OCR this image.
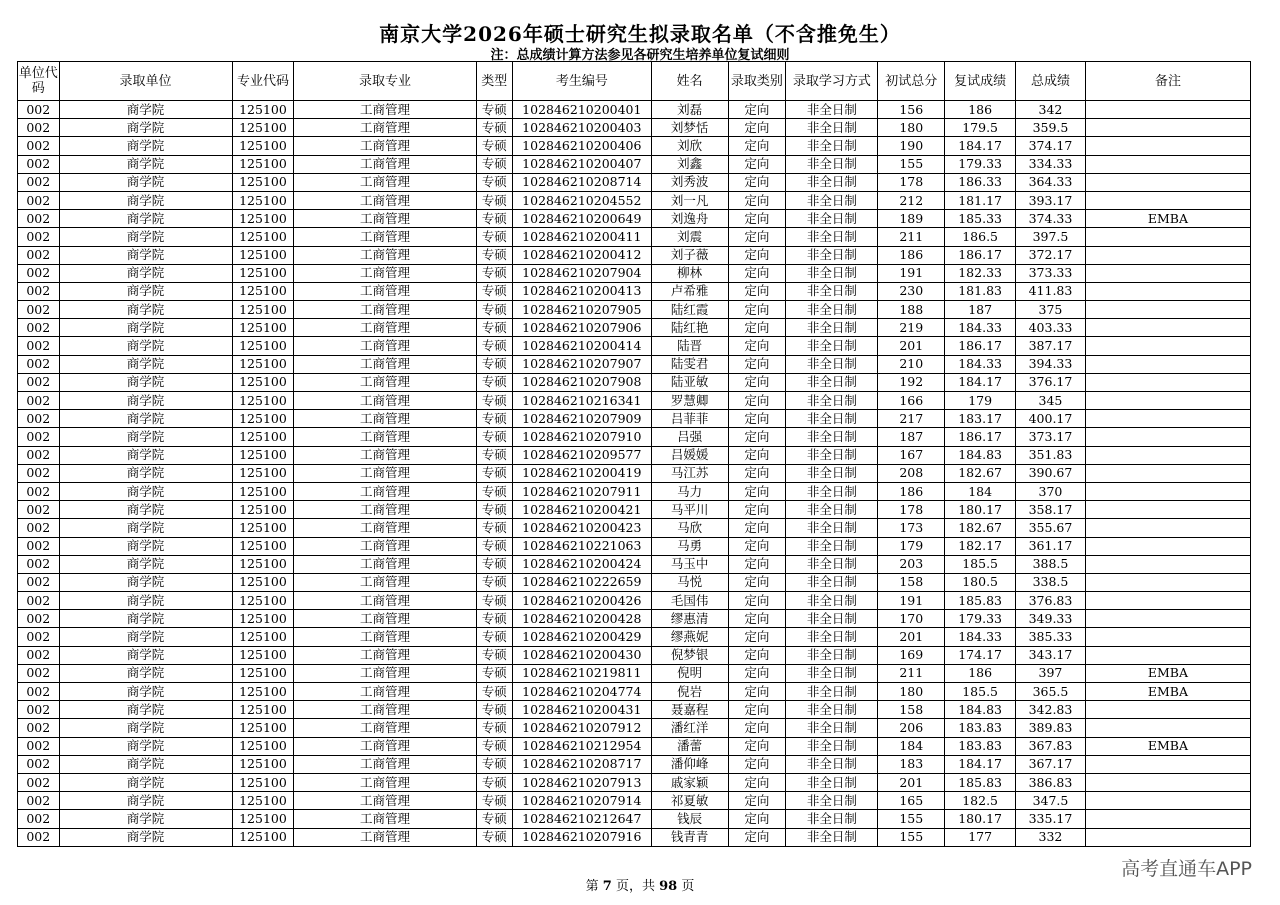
南京大学2026年硕士研究生拟录取名单（不含推免生）
注：总成绩计算方法参见各研究生培养单位复试细则
单位代码	录取单位	专业代码	录取专业	类型	考生编号	姓名	录取类别	录取学习方式	初试总分	复试成绩	总成绩	备注
002	商学院	125100	工商管理	专硕	102846210200401	刘磊	定向	非全日制	156	186	342	
002	商学院	125100	工商管理	专硕	102846210200403	刘梦恬	定向	非全日制	180	179.5	359.5	
002	商学院	125100	工商管理	专硕	102846210200406	刘欣	定向	非全日制	190	184.17	374.17	
002	商学院	125100	工商管理	专硕	102846210200407	刘鑫	定向	非全日制	155	179.33	334.33	
002	商学院	125100	工商管理	专硕	102846210208714	刘秀波	定向	非全日制	178	186.33	364.33	
002	商学院	125100	工商管理	专硕	102846210204552	刘一凡	定向	非全日制	212	181.17	393.17	
002	商学院	125100	工商管理	专硕	102846210200649	刘逸舟	定向	非全日制	189	185.33	374.33	EMBA
002	商学院	125100	工商管理	专硕	102846210200411	刘震	定向	非全日制	211	186.5	397.5	
002	商学院	125100	工商管理	专硕	102846210200412	刘子薇	定向	非全日制	186	186.17	372.17	
002	商学院	125100	工商管理	专硕	102846210207904	柳林	定向	非全日制	191	182.33	373.33	
002	商学院	125100	工商管理	专硕	102846210200413	卢希雅	定向	非全日制	230	181.83	411.83	
002	商学院	125100	工商管理	专硕	102846210207905	陆红霞	定向	非全日制	188	187	375	
002	商学院	125100	工商管理	专硕	102846210207906	陆红艳	定向	非全日制	219	184.33	403.33	
002	商学院	125100	工商管理	专硕	102846210200414	陆晋	定向	非全日制	201	186.17	387.17	
002	商学院	125100	工商管理	专硕	102846210207907	陆雯君	定向	非全日制	210	184.33	394.33	
002	商学院	125100	工商管理	专硕	102846210207908	陆亚敏	定向	非全日制	192	184.17	376.17	
002	商学院	125100	工商管理	专硕	102846210216341	罗慧卿	定向	非全日制	166	179	345	
002	商学院	125100	工商管理	专硕	102846210207909	吕菲菲	定向	非全日制	217	183.17	400.17	
002	商学院	125100	工商管理	专硕	102846210207910	吕强	定向	非全日制	187	186.17	373.17	
002	商学院	125100	工商管理	专硕	102846210209577	吕媛媛	定向	非全日制	167	184.83	351.83	
002	商学院	125100	工商管理	专硕	102846210200419	马江苏	定向	非全日制	208	182.67	390.67	
002	商学院	125100	工商管理	专硕	102846210207911	马力	定向	非全日制	186	184	370	
002	商学院	125100	工商管理	专硕	102846210200421	马平川	定向	非全日制	178	180.17	358.17	
002	商学院	125100	工商管理	专硕	102846210200423	马欣	定向	非全日制	173	182.67	355.67	
002	商学院	125100	工商管理	专硕	102846210221063	马勇	定向	非全日制	179	182.17	361.17	
002	商学院	125100	工商管理	专硕	102846210200424	马玉中	定向	非全日制	203	185.5	388.5	
002	商学院	125100	工商管理	专硕	102846210222659	马悦	定向	非全日制	158	180.5	338.5	
002	商学院	125100	工商管理	专硕	102846210200426	毛国伟	定向	非全日制	191	185.83	376.83	
002	商学院	125100	工商管理	专硕	102846210200428	缪惠清	定向	非全日制	170	179.33	349.33	
002	商学院	125100	工商管理	专硕	102846210200429	缪燕妮	定向	非全日制	201	184.33	385.33	
002	商学院	125100	工商管理	专硕	102846210200430	倪梦银	定向	非全日制	169	174.17	343.17	
002	商学院	125100	工商管理	专硕	102846210219811	倪明	定向	非全日制	211	186	397	EMBA
002	商学院	125100	工商管理	专硕	102846210204774	倪岩	定向	非全日制	180	185.5	365.5	EMBA
002	商学院	125100	工商管理	专硕	102846210200431	聂嘉程	定向	非全日制	158	184.83	342.83	
002	商学院	125100	工商管理	专硕	102846210207912	潘红洋	定向	非全日制	206	183.83	389.83	
002	商学院	125100	工商管理	专硕	102846210212954	潘蕾	定向	非全日制	184	183.83	367.83	EMBA
002	商学院	125100	工商管理	专硕	102846210208717	潘仰峰	定向	非全日制	183	184.17	367.17	
002	商学院	125100	工商管理	专硕	102846210207913	戚家颖	定向	非全日制	201	185.83	386.83	
002	商学院	125100	工商管理	专硕	102846210207914	祁夏敏	定向	非全日制	165	182.5	347.5	
002	商学院	125100	工商管理	专硕	102846210212647	钱辰	定向	非全日制	155	180.17	335.17	
002	商学院	125100	工商管理	专硕	102846210207916	钱青青	定向	非全日制	155	177	332	
第 7 页，共 98 页
高考直通车APP
